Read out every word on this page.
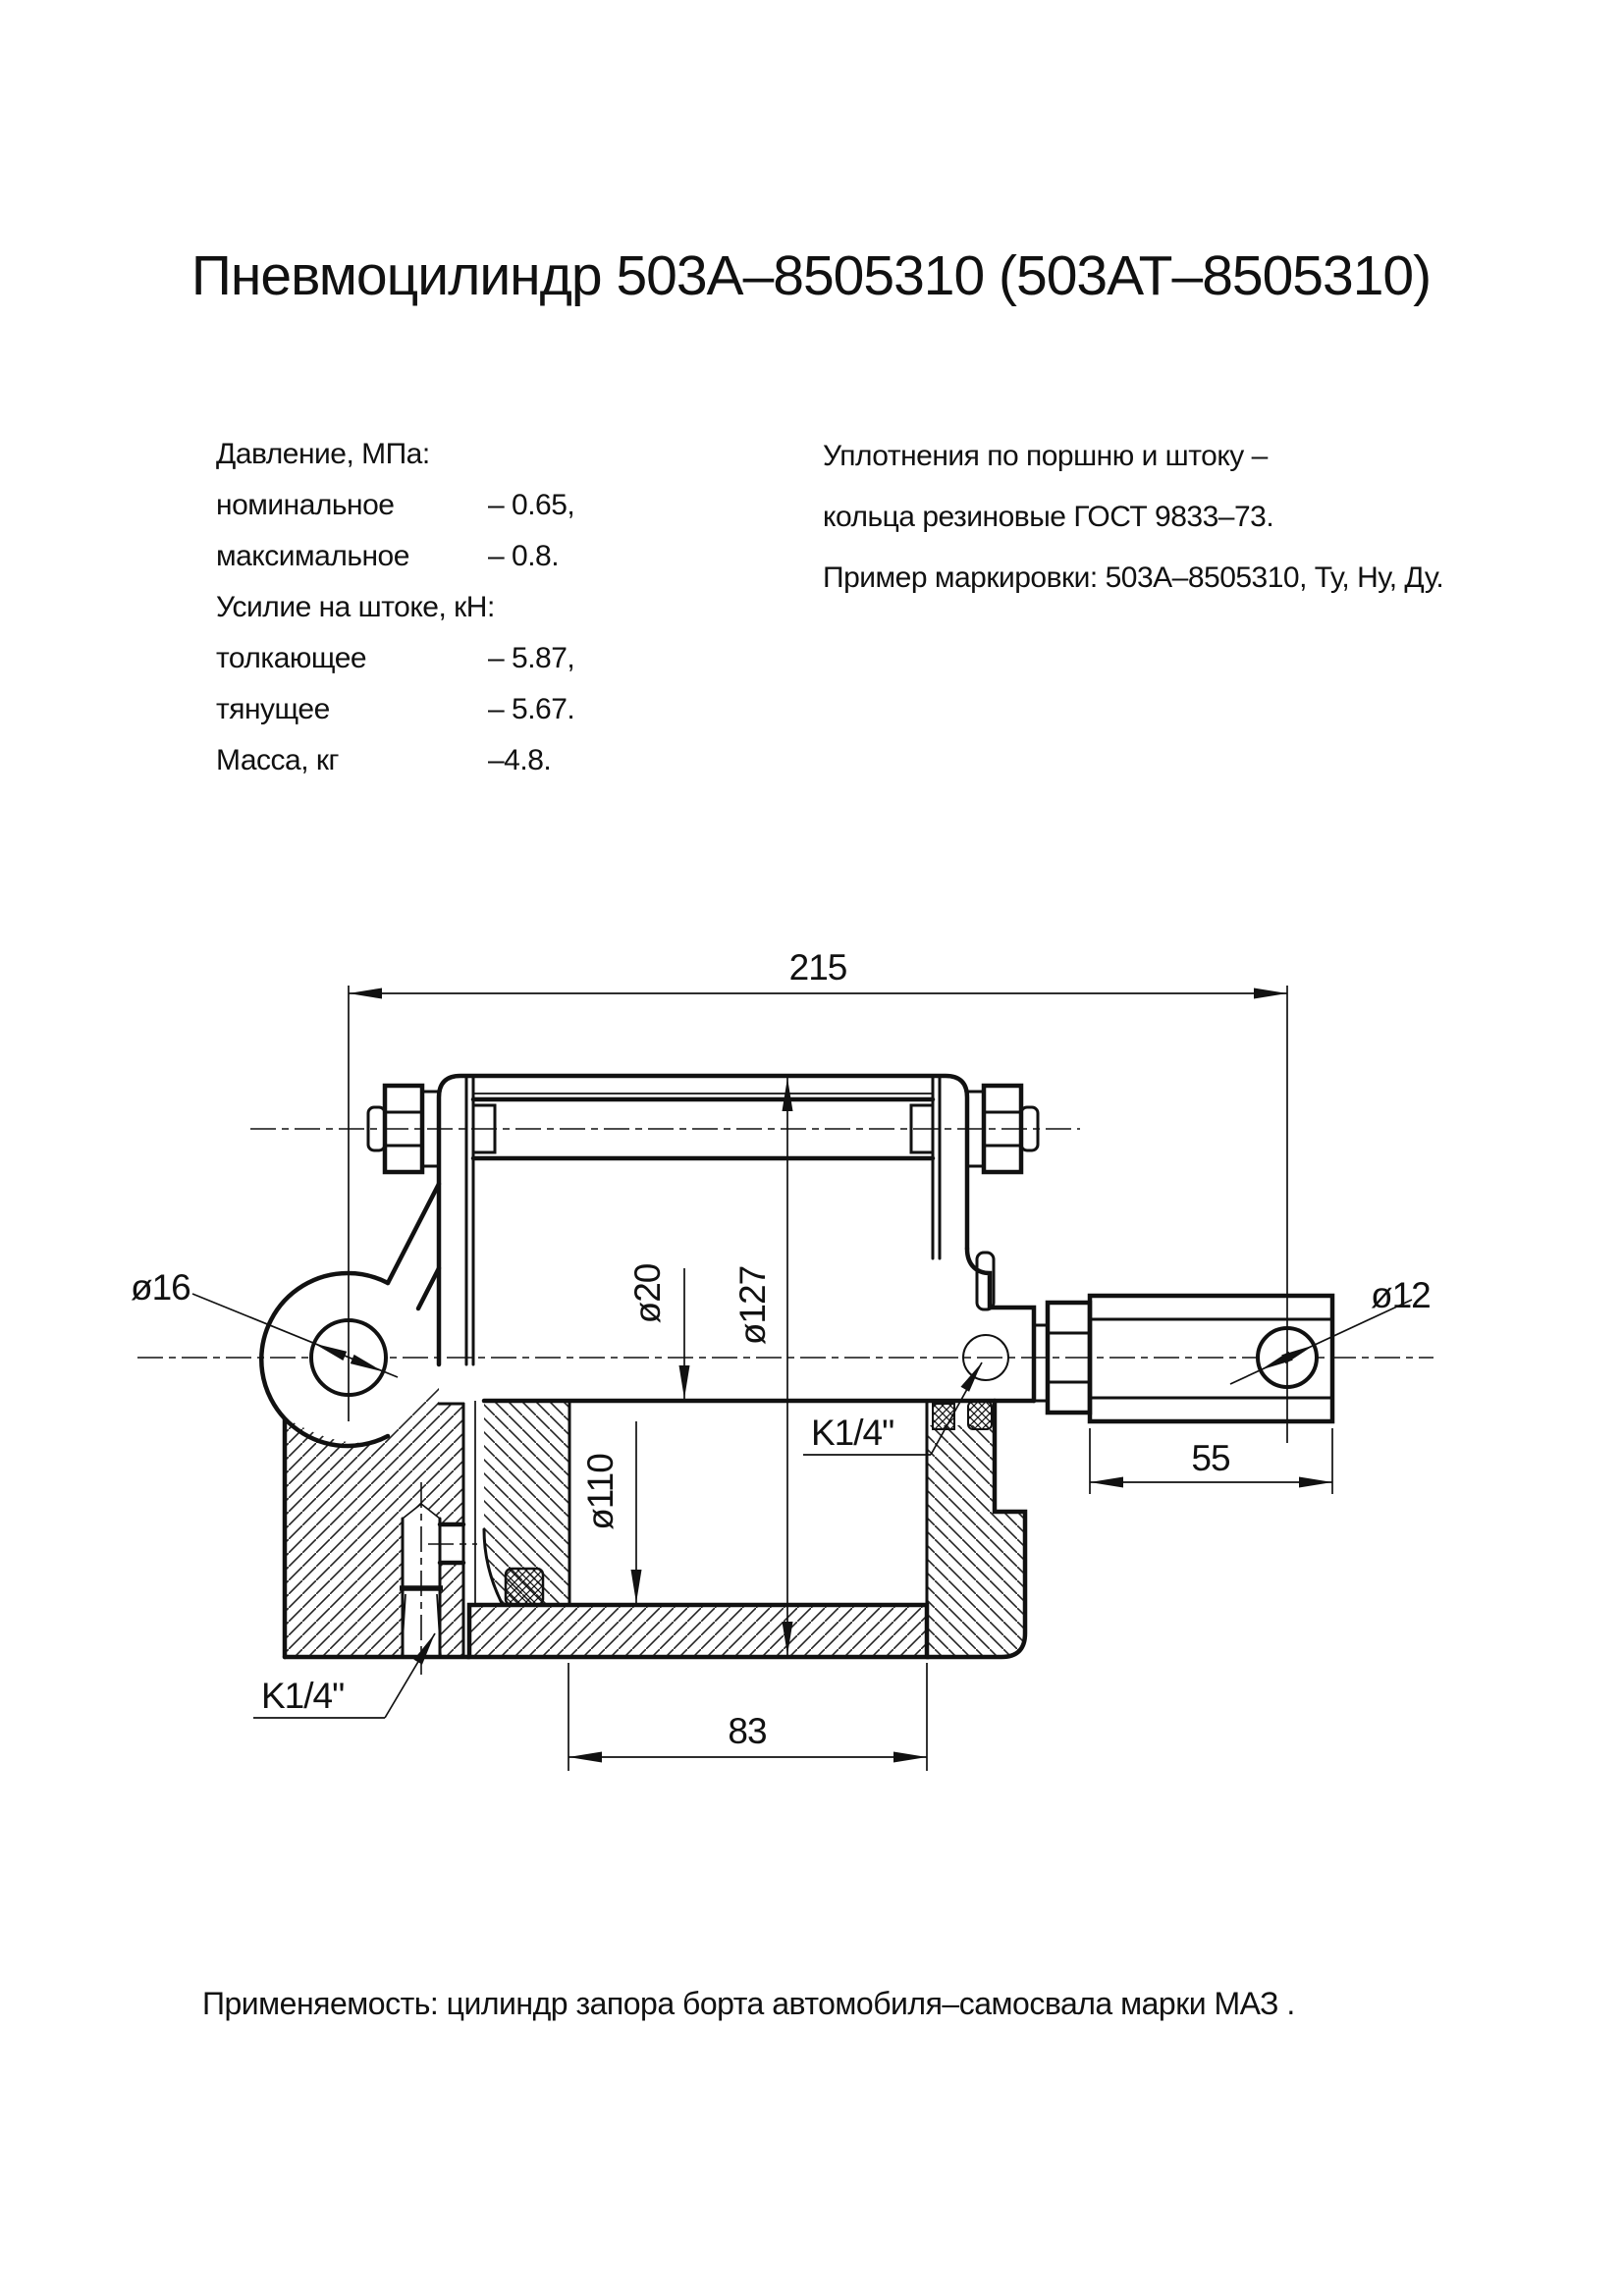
Пневмоцилиндр 503А–8505310 (503АТ–8505310)
Давление, МПа:
номинальное	– 0.65,
максимальное	– 0.8.
Усилие на штоке, кН:
толкающее	– 5.87,
тянущее	– 5.67.
Масса, кг	–4.8.
Уплотнения по поршню и штоку –
кольца резиновые ГОСТ 9833–73.
Пример маркировки: 503А–8505310, Ту, Ну, Ду.
Применяемость: цилиндр запора борта автомобиля–самосвала марки МАЗ .
215
55
83
ø127
ø20
ø110
ø16	ø12
K1/4"
K1/4"
